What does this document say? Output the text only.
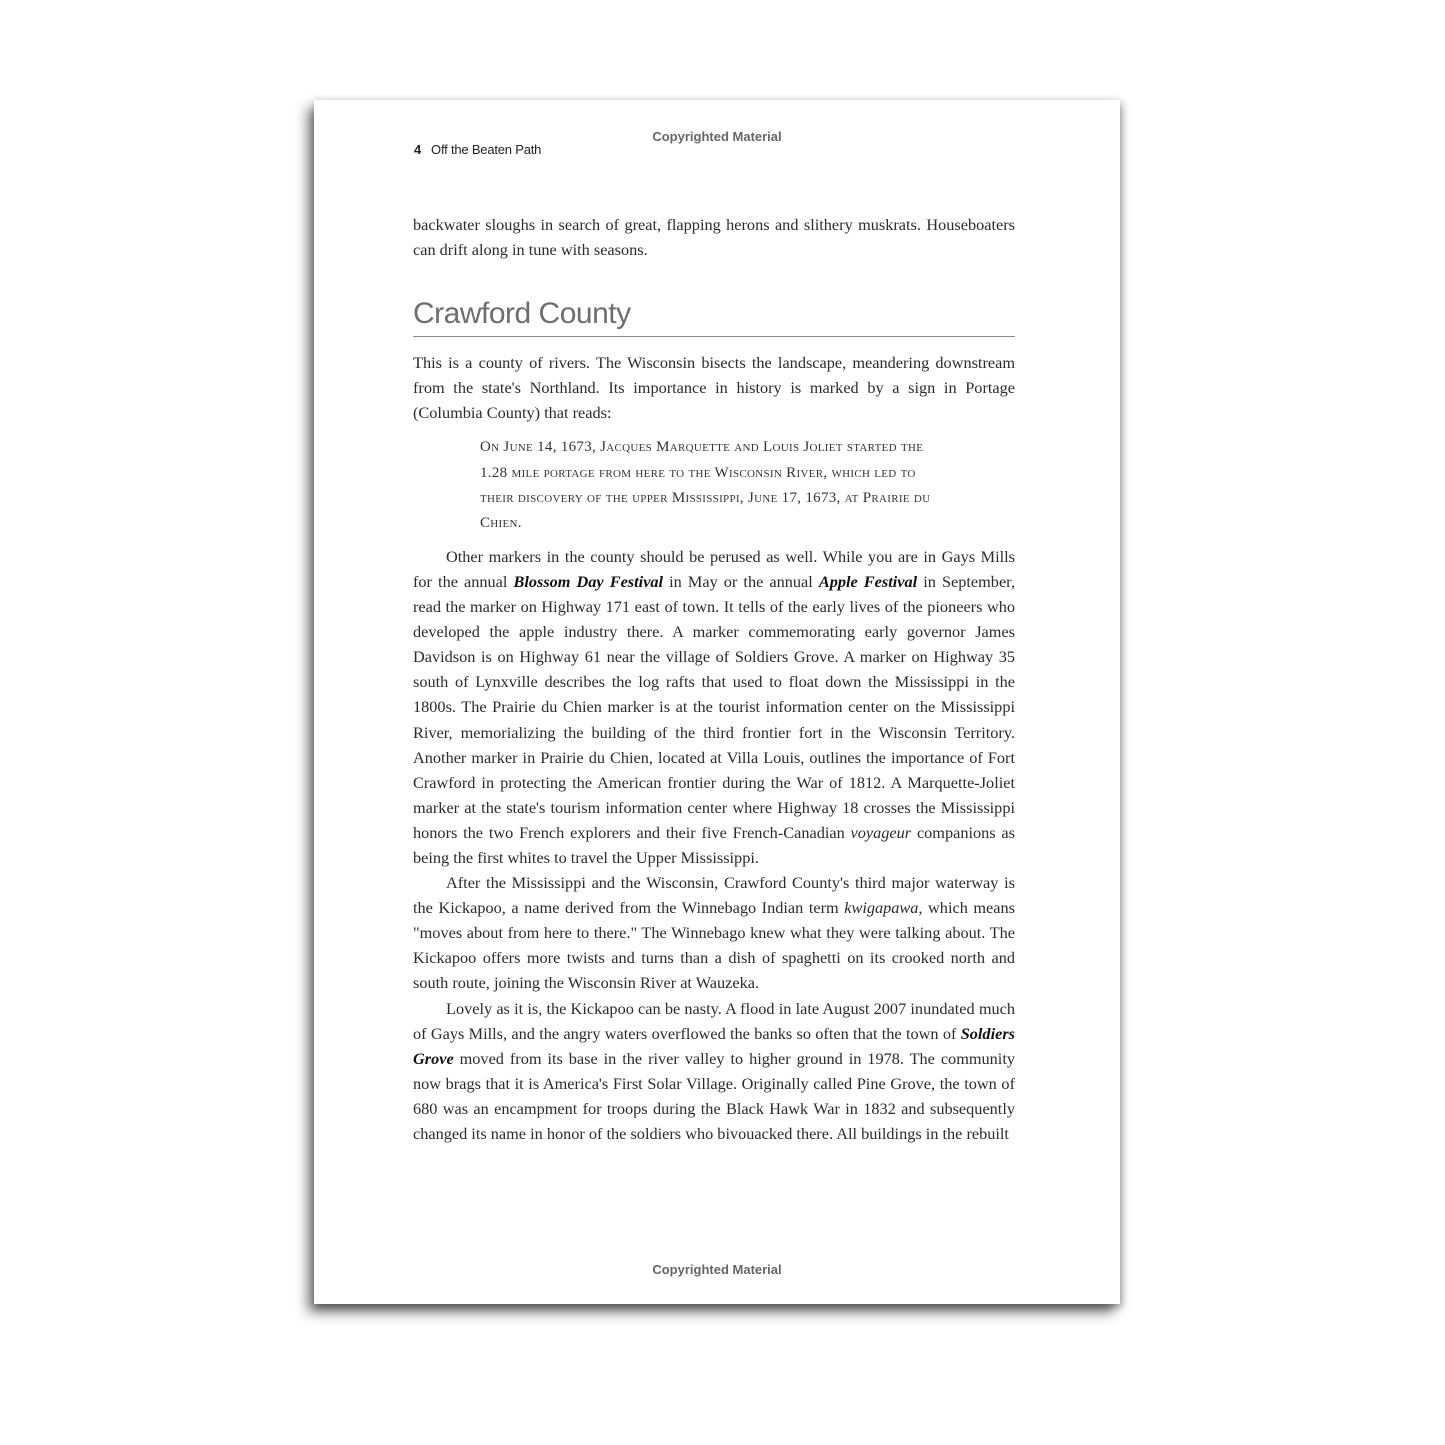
Copyrighted Material
4 Off the Beaten Path

backwater sloughs in search of great, flapping herons and slithery muskrats. Houseboaters can drift along in tune with seasons.

Crawford County

This is a county of rivers. The Wisconsin bisects the landscape, meandering downstream from the state's Northland. Its importance in history is marked by a sign in Portage (Columbia County) that reads:

On June 14, 1673, Jacques Marquette and Louis Joliet started the 1.28 mile portage from here to the Wisconsin River, which led to their discovery of the upper Mississippi, June 17, 1673, at Prairie du Chien.

Other markers in the county should be perused as well. While you are in Gays Mills for the annual Blossom Day Festival in May or the annual Apple Festival in September, read the marker on Highway 171 east of town. It tells of the early lives of the pioneers who developed the apple industry there. A marker commemorating early governor James Davidson is on Highway 61 near the village of Soldiers Grove. A marker on Highway 35 south of Lynxville describes the log rafts that used to float down the Mississippi in the 1800s. The Prairie du Chien marker is at the tourist information center on the Mississippi River, memorializing the building of the third frontier fort in the Wisconsin Territory. Another marker in Prairie du Chien, located at Villa Louis, outlines the importance of Fort Crawford in protecting the American frontier during the War of 1812. A Marquette-Joliet marker at the state's tourism information center where Highway 18 crosses the Mississippi honors the two French explorers and their five French-Canadian voyageur companions as being the first whites to travel the Upper Mississippi.

After the Mississippi and the Wisconsin, Crawford County's third major waterway is the Kickapoo, a name derived from the Winnebago Indian term kwigapawa, which means "moves about from here to there." The Winnebago knew what they were talking about. The Kickapoo offers more twists and turns than a dish of spaghetti on its crooked north and south route, joining the Wisconsin River at Wauzeka.

Lovely as it is, the Kickapoo can be nasty. A flood in late August 2007 inundated much of Gays Mills, and the angry waters overflowed the banks so often that the town of Soldiers Grove moved from its base in the river valley to higher ground in 1978. The community now brags that it is America's First Solar Village. Originally called Pine Grove, the town of 680 was an encampment for troops during the Black Hawk War in 1832 and subsequently changed its name in honor of the soldiers who bivouacked there. All buildings in the rebuilt

Copyrighted Material
